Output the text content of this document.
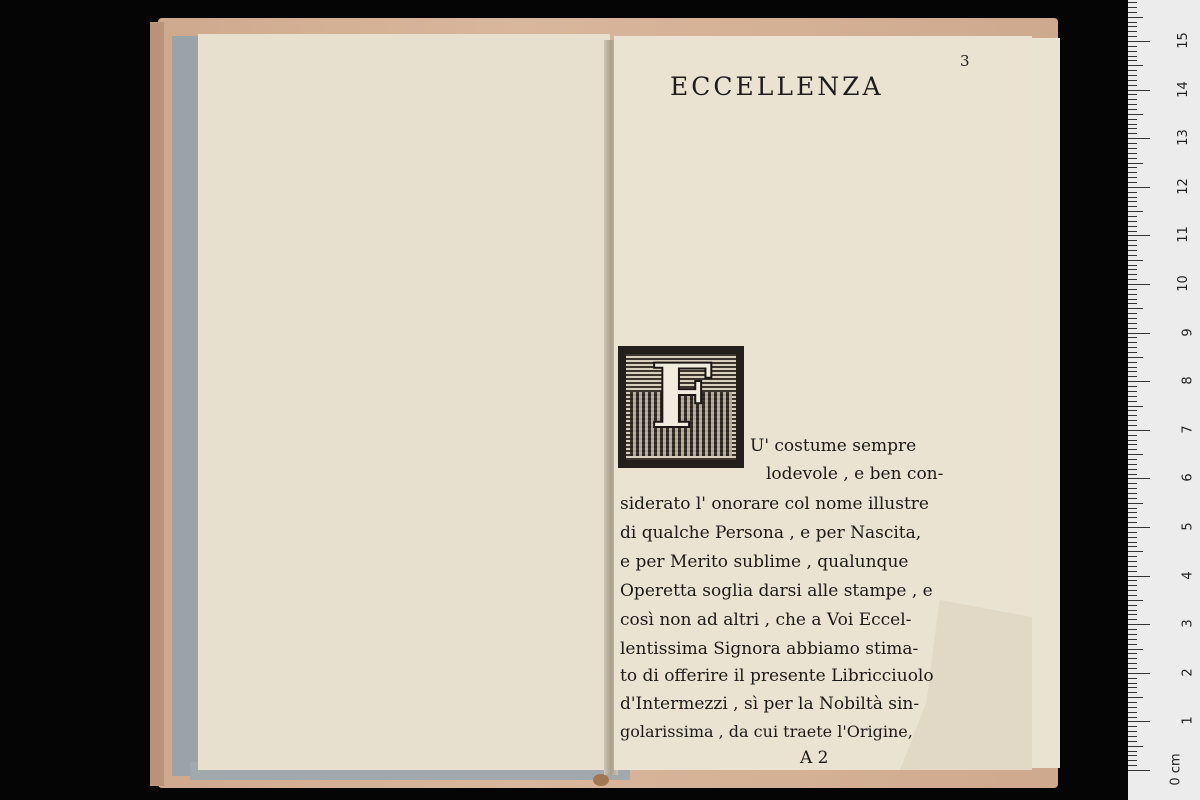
3
ECCELLENZA
F U' costume sempre
lodevole , e ben con-
siderato l' onorare col nome illustre
di qualche Persona , e per Nascita,
e per Merito sublime , qualunque
Operetta soglia darsi alle stampe , e
così non ad altri , che a Voi Eccel-
lentissima Signora abbiamo stima-
to di offerire il presente Libricciuolo
d'Intermezzi , sì per la Nobiltà sin-
golarissima , da cui traete l'Origine,
A 2	0 cm
1
2
3
4
5
6
7
8
9
10
11
12
13
14
15
